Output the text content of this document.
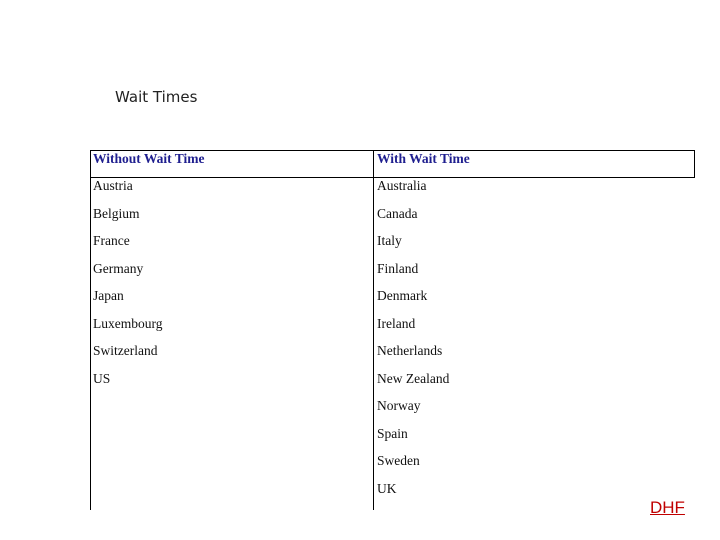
Wait Times
Without Wait Time	With Wait Time
Austria
Belgium
France
Germany
Japan
Luxembourg
Switzerland
US
Australia
Canada
Italy
Finland
Denmark
Ireland
Netherlands
New Zealand
Norway
Spain
Sweden
UK
DHF
